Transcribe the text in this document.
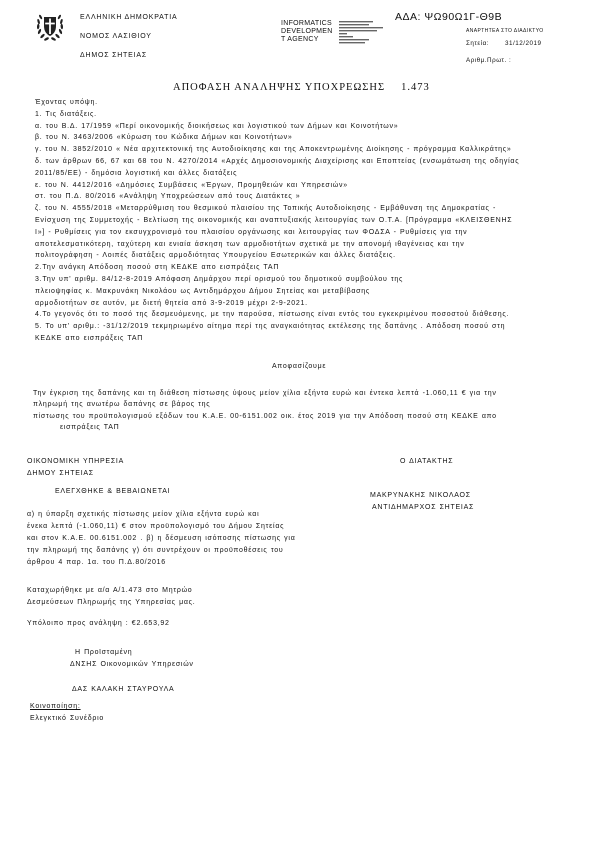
ΕΛΛΗΝΙΚΗ ΔΗΜΟΚΡΑΤΙΑ
ΝΟΜΟΣ ΛΑΣΙΘΙΟΥ
ΔΗΜΟΣ ΣΗΤΕΙΑΣ
INFORMATICS
DEVELOPMEN
T AGENCY
ΑΔΑ: ΨΩ90Ω1Γ-Θ9Β
ΑΝΑΡΤΗΤΕΑ ΣΤΟ ΔΙΑΔΙΚΤΥΟ
Σητεία:	31/12/2019
Αριθμ.Πρωτ. :
ΑΠΟΦΑΣΗ ΑΝΑΛΗΨΗΣ ΥΠΟΧΡΕΩΣΗΣ 1.473
Έχοντας υπόψη.
1. Τις διατάξεις.
α. του Β.Δ. 17/1959 «Περί οικονομικής διοικήσεως και λογιστικού των Δήμων και Κοινοτήτων»
β. του Ν. 3463/2006 «Κύρωση του Κώδικα Δήμων και Κοινοτήτων»
γ. του Ν. 3852/2010 « Νέα αρχιτεκτονική της Αυτοδιοίκησης και της Αποκεντρωμένης Διοίκησης - πρόγραμμα Καλλικράτης»
δ. των άρθρων 66, 67 και 68 του Ν. 4270/2014 «Αρχές Δημοσιονομικής Διαχείρισης και Εποπτείας (ενσωμάτωση της οδηγίας
2011/85/ΕΕ) - δημόσια λογιστική και άλλες διατάξεις
ε. του Ν. 4412/2016 «Δημόσιες Συμβάσεις «Έργων, Προμηθειών και Υπηρεσιών»
στ. του Π.Δ. 80/2016 «Ανάληψη Υποχρεώσεων από τους Διατάκτες »
ζ. του Ν. 4555/2018 «Μεταρρύθμιση του θεσμικού πλαισίου της Τοπικής Αυτοδιοίκησης - Εμβάθυνση της Δημοκρατίας -
Ενίσχυση της Συμμετοχής - Βελτίωση της οικονομικής και αναπτυξιακής λειτουργίας των Ο.Τ.Α. [Πρόγραμμα «ΚΛΕΙΣΘΕΝΗΣ
Ι»] - Ρυθμίσεις για τον εκσυγχρονισμό του πλαισίου οργάνωσης και λειτουργίας των ΦΟΔΣΑ - Ρυθμίσεις για την
αποτελεσματικότερη, ταχύτερη και ενιαία άσκηση των αρμοδιοτήτων σχετικά με την απονομή ιθαγένειας και την
πολιτογράφηση - Λοιπές διατάξεις αρμοδιότητας Υπουργείου Εσωτερικών και άλλες διατάξεις.
2.Την ανάγκη Απόδοση ποσού στη ΚΕΔΚΕ απο εισπράξεις ΤΑΠ
3.Την υπ' αριθμ. 84/12-8-2019 Απόφαση Δημάρχου περί ορισμού του δημοτικού συμβούλου της
πλειοψηφίας κ. Μακρυνάκη Νικολάου ως Αντιδημάρχου Δήμου Σητείας και μεταβίβασης
αρμοδιοτήτων σε αυτόν, με διετή θητεία από 3-9-2019 μέχρι 2-9-2021.
4.Το γεγονός ότι το ποσό της δεσμευόμενης, με την παρούσα, πίστωσης είναι εντός του εγκεκριμένου ποσοστού διάθεσης.
5. Το υπ' αριθμ.: -31/12/2019 τεκμηριωμένο αίτημα περί της αναγκαιότητας εκτέλεσης της δαπάνης . Απόδοση ποσού στη
ΚΕΔΚΕ απο εισπράξεις ΤΑΠ
Αποφασίζουμε
Την έγκριση της δαπάνης και τη διάθεση πίστωσης ύψους μείον χίλια εξήντα ευρώ και έντεκα λεπτά -1.060,11 € για την
πληρωμή της ανωτέρω δαπάνης σε βάρος της
πίστωσης του προϋπολογισμού εξόδων του Κ.Α.Ε. 00-6151.002 οικ. έτος 2019 για την Απόδοση ποσού στη ΚΕΔΚΕ απο
εισπράξεις ΤΑΠ
ΟΙΚΟΝΟΜΙΚΗ ΥΠΗΡΕΣΙΑ
ΔΗΜΟΥ ΣΗΤΕΙΑΣ
ΕΛΕΓΧΘΗΚΕ & ΒΕΒΑΙΩΝΕΤΑΙ
α) η ύπαρξη σχετικής πίστωσης μείον χίλια εξήντα ευρώ και
ένεκα λεπτά (-1.060,11) € στον προϋπολογισμό του Δήμου Σητείας
και στον Κ.Α.Ε. 00.6151.002 . β) η δέσμευση ισόποσης πίστωσης για
την πληρωμή της δαπάνης γ) ότι συντρέχουν οι προϋποθέσεις του
άρθρου 4 παρ. 1α. του Π.Δ.80/2016
Καταχωρήθηκε με α/α Α/1.473 στο Μητρώο
Δεσμεύσεων Πληρωμής της Υπηρεσίας μας.
Υπόλοιπο προς ανάληψη : €2.653,92
Η Προϊσταμένη
ΔΝΣΗΣ Οικονομικών Υπηρεσιών
ΔΑΣ ΚΑΛΑΚΗ ΣΤΑΥΡΟΥΛΑ
Ο ΔΙΑΤΑΚΤΗΣ
ΜΑΚΡΥΝΑΚΗΣ ΝΙΚΟΛΑΟΣ
ΑΝΤΙΔΗΜΑΡΧΟΣ ΣΗΤΕΙΑΣ
Κοινοποίηση:
Ελεγκτικό Συνέδριο
